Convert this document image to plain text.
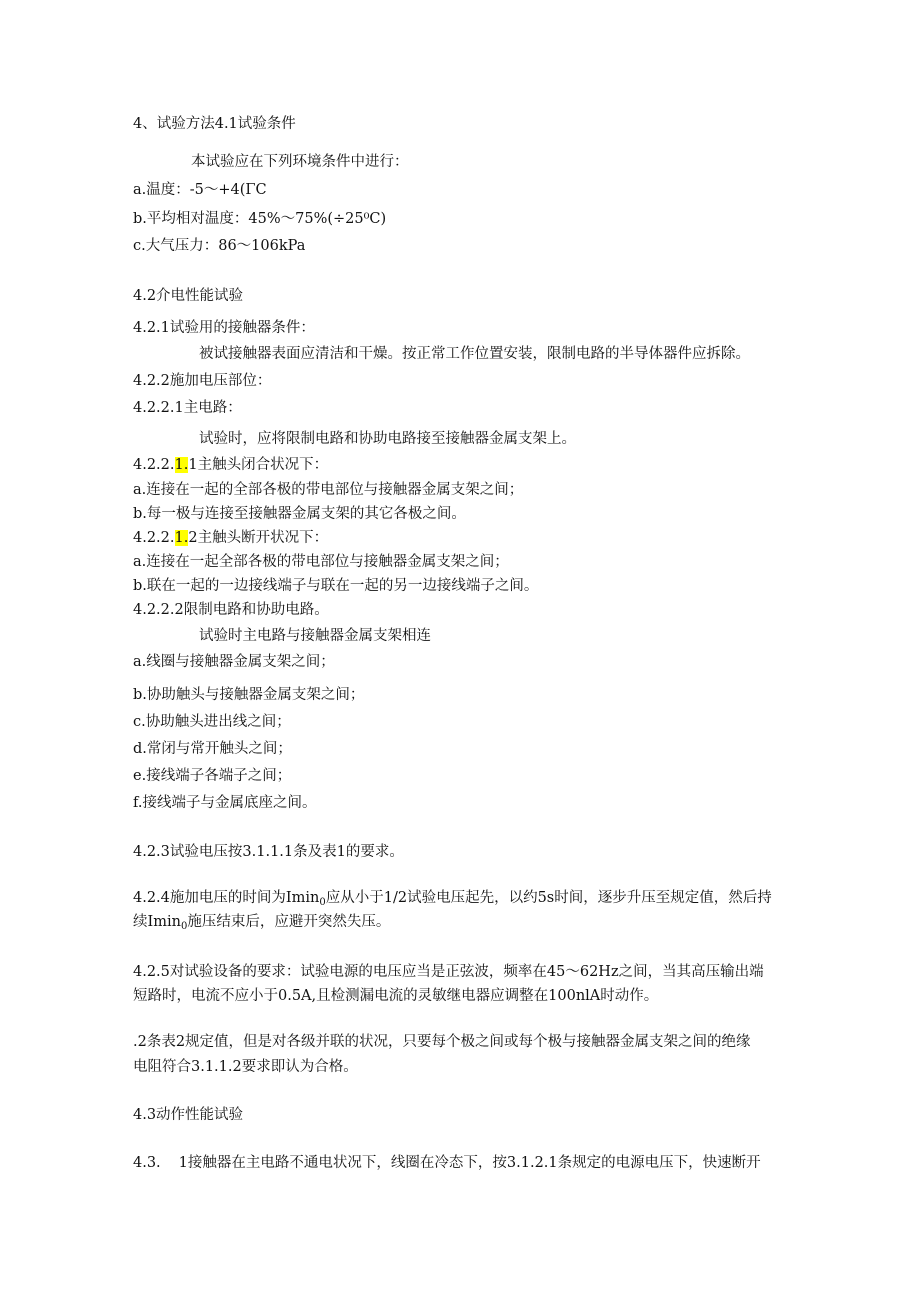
4、试验方法4.1试验条件

本试验应在下列环境条件中进行：

a.温度：-5～+4(ΓC

b.平均相对温度：45%～75%(÷25⁰C)

c.大气压力：86～106kPa

4.2介电性能试验

4.2.1试验用的接触器条件：

被试接触器表面应清洁和干燥。按正常工作位置安装，限制电路的半导体器件应拆除。

4.2.2施加电压部位：

4.2.2.1主电路：

试验时，应将限制电路和协助电路接至接触器金属支架上。

4.2.2.1.1主触头闭合状况下：

a.连接在一起的全部各极的带电部位与接触器金属支架之间；

b.每一极与连接至接触器金属支架的其它各极之间。

4.2.2.1.2主触头断开状况下：

a.连接在一起全部各极的带电部位与接触器金属支架之间；

b.联在一起的一边接线端子与联在一起的另一边接线端子之间。

4.2.2.2限制电路和协助电路。

试验时主电路与接触器金属支架相连

a.线圈与接触器金属支架之间；

b.协助触头与接触器金属支架之间；

c.协助触头进出线之间；

d.常闭与常开触头之间；

e.接线端子各端子之间；

f.接线端子与金属底座之间。

4.2.3试验电压按3.1.1.1条及表1的要求。

4.2.4施加电压的时间为Imin$_0$应从小于1/2试验电压起先，以约5s时间，逐步升压至规定值，然后持

续Imin$_0$施压结束后，应避开突然失压。

4.2.5对试验设备的要求：试验电源的电压应当是正弦波，频率在45～62Hz之间，当其高压输出端

短路时，电流不应小于0.5A,且检测漏电流的灵敏继电器应调整在100nlA时动作。

.2条表2规定值，但是对各级并联的状况，只要每个极之间或每个极与接触器金属支架之间的绝缘

电阻符合3.1.1.2要求即认为合格。

4.3动作性能试验

4.3. 1接触器在主电路不通电状况下，线圈在冷态下，按3.1.2.1条规定的电源电压下，快速断开
